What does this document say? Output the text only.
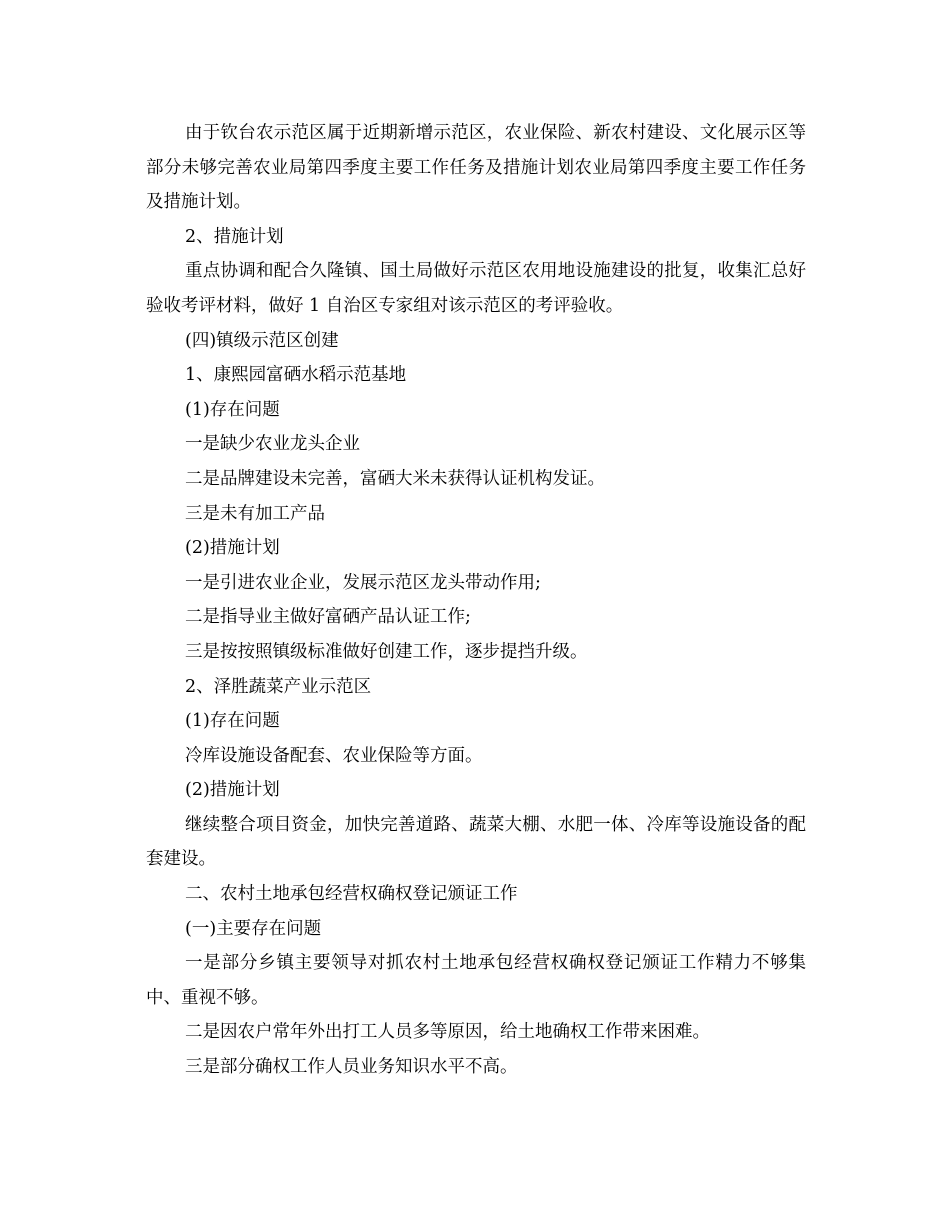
由于钦台农示范区属于近期新增示范区，农业保险、新农村建设、文化展示区等部分未够完善农业局第四季度主要工作任务及措施计划农业局第四季度主要工作任务及措施计划。

2、措施计划

重点协调和配合久隆镇、国土局做好示范区农用地设施建设的批复，收集汇总好验收考评材料，做好 1 自治区专家组对该示范区的考评验收。

(四)镇级示范区创建

1、康熙园富硒水稻示范基地

(1)存在问题

一是缺少农业龙头企业

二是品牌建设未完善，富硒大米未获得认证机构发证。

三是未有加工产品

(2)措施计划

一是引进农业企业，发展示范区龙头带动作用;

二是指导业主做好富硒产品认证工作;

三是按按照镇级标准做好创建工作，逐步提挡升级。

2、泽胜蔬菜产业示范区

(1)存在问题

冷库设施设备配套、农业保险等方面。

(2)措施计划

继续整合项目资金，加快完善道路、蔬菜大棚、水肥一体、冷库等设施设备的配套建设。

二、农村土地承包经营权确权登记颁证工作

(一)主要存在问题

一是部分乡镇主要领导对抓农村土地承包经营权确权登记颁证工作精力不够集中、重视不够。

二是因农户常年外出打工人员多等原因，给土地确权工作带来困难。

三是部分确权工作人员业务知识水平不高。
